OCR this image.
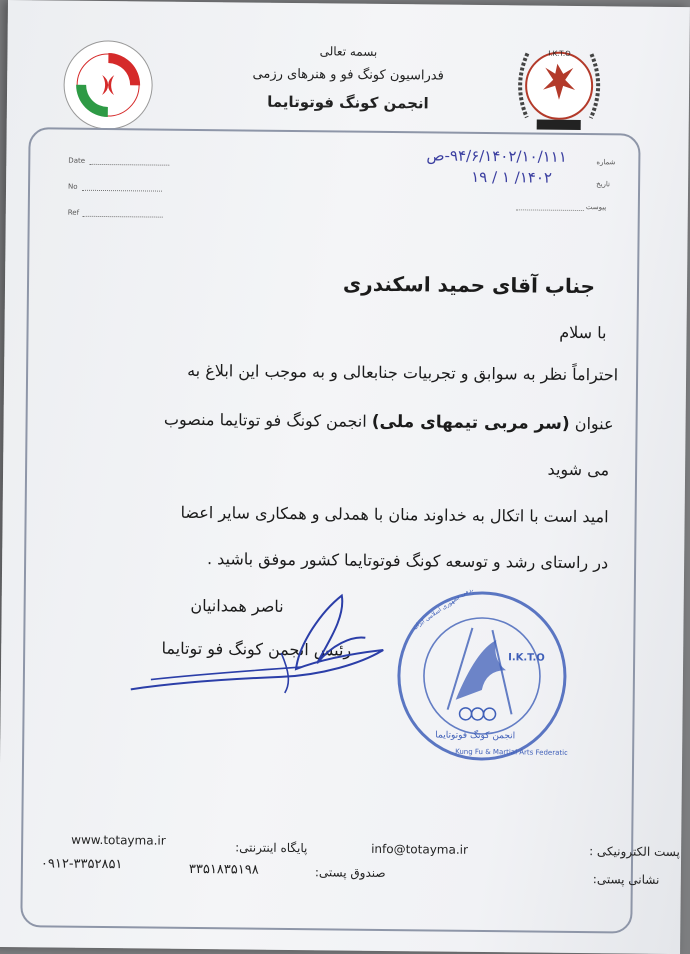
بسمه تعالی
فدراسیون کونگ فو و هنرهای رزمی
انجمن کونگ فوتوتایما
I.K.T.O
Date
No
Ref
شماره
۹۴/۶/۱۴۰۲/۱۰/۱۱۱-ص
تاریخ
۱۴۰۲/ ۱ / ۱۹
پیوست
جناب آقای حمید اسکندری
با سلام
احتراماً نظر به سوابق و تجربیات جنابعالی و به موجب این ابلاغ به
عنوان (سر مربی تیمهای ملی) انجمن کونگ فو توتایما منصوب
می شوید
امید است با اتکال به خداوند منان با همدلی و همکاری سایر اعضا
در راستای رشد و توسعه کونگ فوتوتایما کشور موفق باشید .
ناصر همدانیان
رئیس انجمن کونگ فو توتایما	I.K.T.O
انجمن کونگ فوتوتایما
Kung Fu & Martial Arts Federation
پست الکترونیکی :
info@totayma.ir
پایگاه اینترنتی:
www.totayma.ir
نشانی پستی:
صندوق پستی:
۳۳۵۱۸۳۵۱۹۸
۰۹۱۲-۳۳۵۲۸۵۱
